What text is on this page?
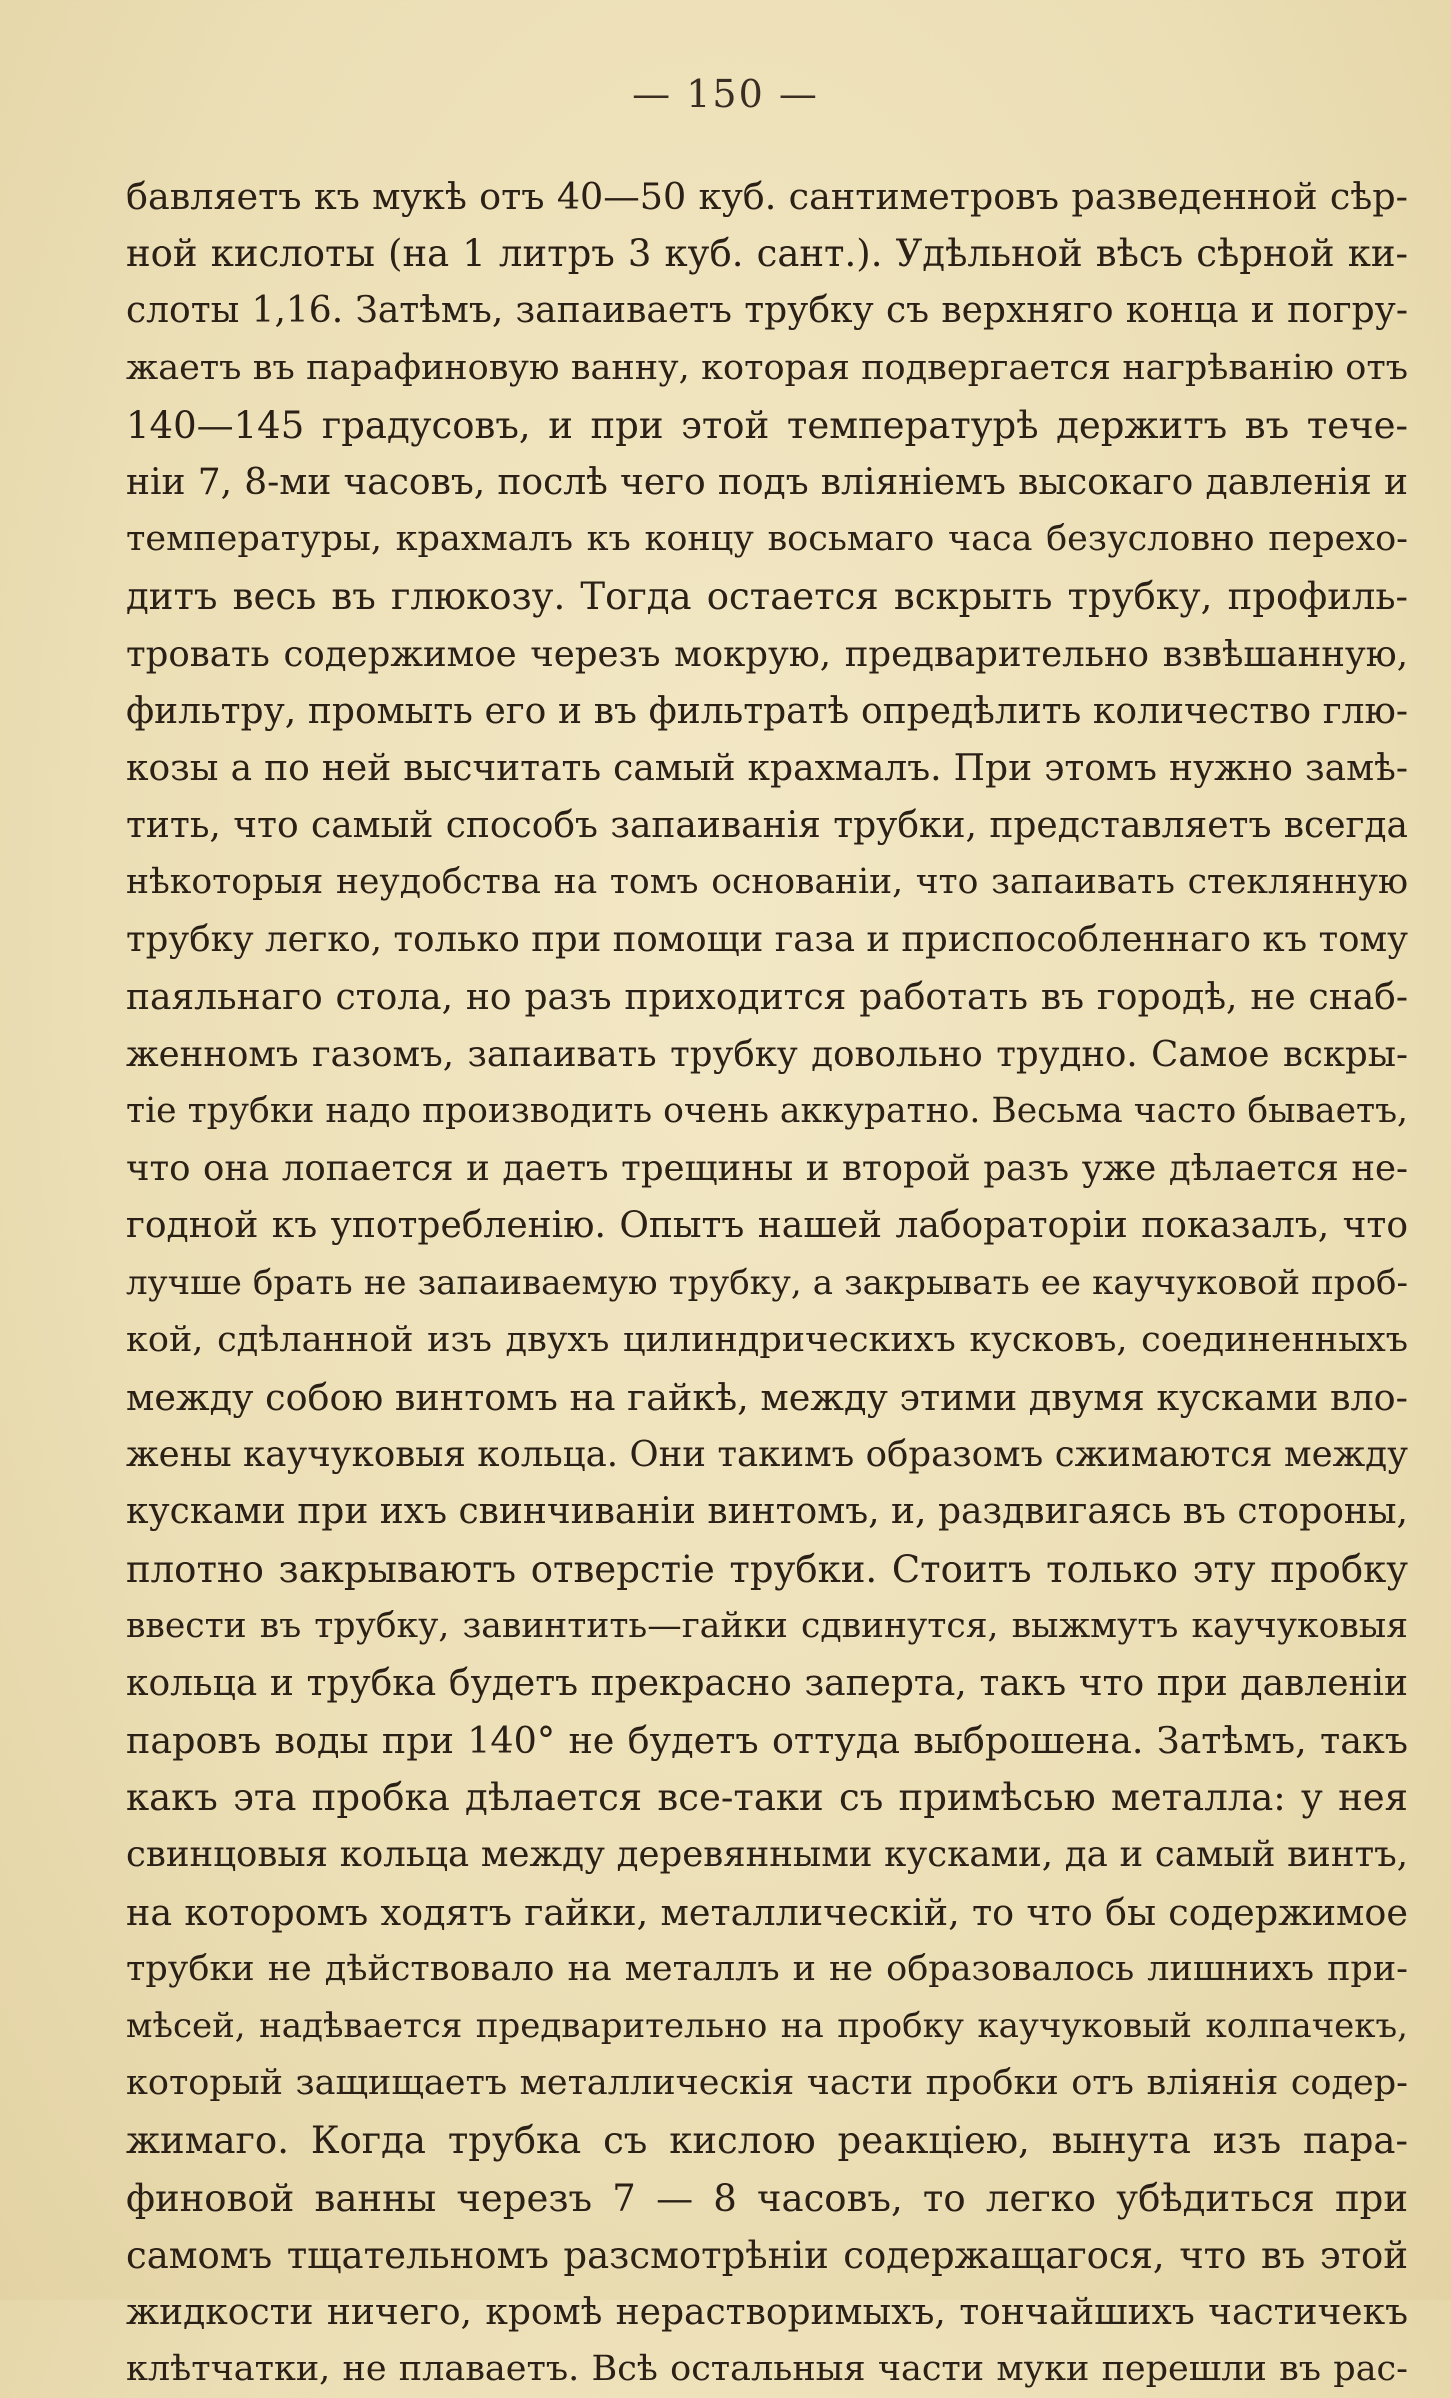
— 150 —
бавляетъ къ мукѣ отъ 40—50 куб. сантиметровъ разведенной сѣр-
ной кислоты (на 1 литръ 3 куб. сант.). Удѣльной вѣсъ сѣрной ки-
слоты 1,16. Затѣмъ, запаиваетъ трубку съ верхняго конца и погру-
жаетъ въ парафиновую ванну, которая подвергается нагрѣванію отъ
140—145 градусовъ, и при этой температурѣ держитъ въ тече-
ніи 7, 8-ми часовъ, послѣ чего подъ вліяніемъ высокаго давленія и
температуры, крахмалъ къ концу восьмаго часа безусловно перехо-
дитъ весь въ глюкозу. Тогда остается вскрыть трубку, профиль-
тровать содержимое черезъ мокрую, предварительно взвѣшанную,
фильтру, промыть его и въ фильтратѣ опредѣлить количество глю-
козы а по ней высчитать самый крахмалъ. При этомъ нужно замѣ-
тить, что самый способъ запаиванія трубки, представляетъ всегда
нѣкоторыя неудобства на томъ основаніи, что запаивать стеклянную
трубку легко, только при помощи газа и приспособленнаго къ тому
паяльнаго стола, но разъ приходится работать въ городѣ, не снаб-
женномъ газомъ, запаивать трубку довольно трудно. Самое вскры-
тіе трубки надо производить очень аккуратно. Весьма часто бываетъ,
что она лопается и даетъ трещины и второй разъ уже дѣлается не-
годной къ употребленію. Опытъ нашей лабораторіи показалъ, что
лучше брать не запаиваемую трубку, а закрывать ее каучуковой проб-
кой, сдѣланной изъ двухъ цилиндрическихъ кусковъ, соединенныхъ
между собою винтомъ на гайкѣ, между этими двумя кусками вло-
жены каучуковыя кольца. Они такимъ образомъ сжимаются между
кусками при ихъ свинчиваніи винтомъ, и, раздвигаясь въ стороны,
плотно закрываютъ отверстіе трубки. Стоитъ только эту пробку
ввести въ трубку, завинтить—гайки сдвинутся, выжмутъ каучуковыя
кольца и трубка будетъ прекрасно заперта, такъ что при давленіи
паровъ воды при 140° не будетъ оттуда выброшена. Затѣмъ, такъ
какъ эта пробка дѣлается все-таки съ примѣсью металла: у нея
свинцовыя кольца между деревянными кусками, да и самый винтъ,
на которомъ ходятъ гайки, металлическій, то что бы содержимое
трубки не дѣйствовало на металлъ и не образовалось лишнихъ при-
мѣсей, надѣвается предварительно на пробку каучуковый колпачекъ,
который защищаетъ металлическія части пробки отъ вліянія содер-
жимаго. Когда трубка съ кислою реакціею, вынута изъ пара-
финовой ванны черезъ 7 — 8 часовъ, то легко убѣдиться при
самомъ тщательномъ разсмотрѣніи содержащагося, что въ этой
жидкости ничего, кромѣ нерастворимыхъ, тончайшихъ частичекъ
клѣтчатки, не плаваетъ. Всѣ остальныя части муки перешли въ рас-
